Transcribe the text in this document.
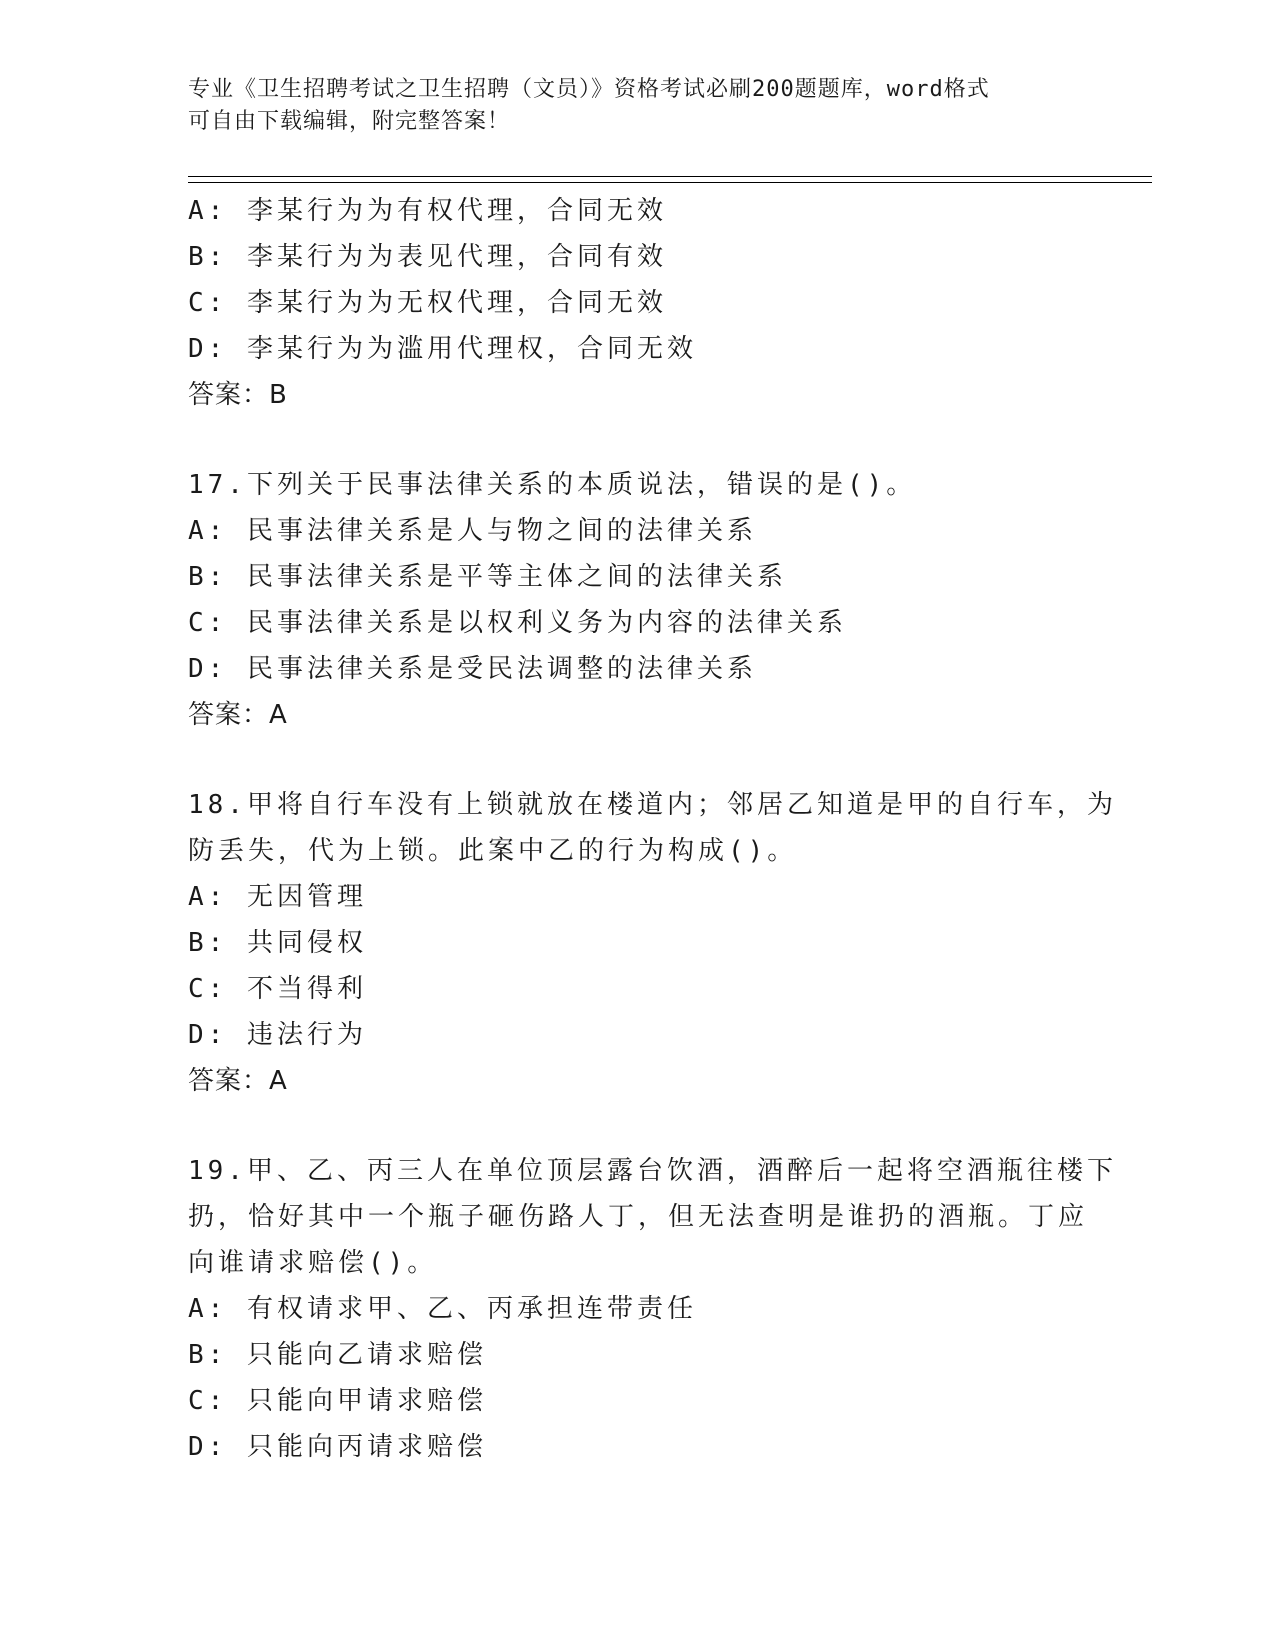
专业《卫生招聘考试之卫生招聘（文员）》资格考试必刷200题题库，word格式
可自由下载编辑，附完整答案！
A: 李某行为为有权代理，合同无效
B: 李某行为为表见代理，合同有效
C: 李某行为为无权代理，合同无效
D: 李某行为为滥用代理权，合同无效
答案：B
17.下列关于民事法律关系的本质说法，错误的是()。
A: 民事法律关系是人与物之间的法律关系
B: 民事法律关系是平等主体之间的法律关系
C: 民事法律关系是以权利义务为内容的法律关系
D: 民事法律关系是受民法调整的法律关系
答案：A
18.甲将自行车没有上锁就放在楼道内；邻居乙知道是甲的自行车，为
防丢失，代为上锁。此案中乙的行为构成()。
A: 无因管理
B: 共同侵权
C: 不当得利
D: 违法行为
答案：A
19.甲、乙、丙三人在单位顶层露台饮酒，酒醉后一起将空酒瓶往楼下
扔，恰好其中一个瓶子砸伤路人丁，但无法查明是谁扔的酒瓶。丁应
向谁请求赔偿()。
A: 有权请求甲、乙、丙承担连带责任
B: 只能向乙请求赔偿
C: 只能向甲请求赔偿
D: 只能向丙请求赔偿
